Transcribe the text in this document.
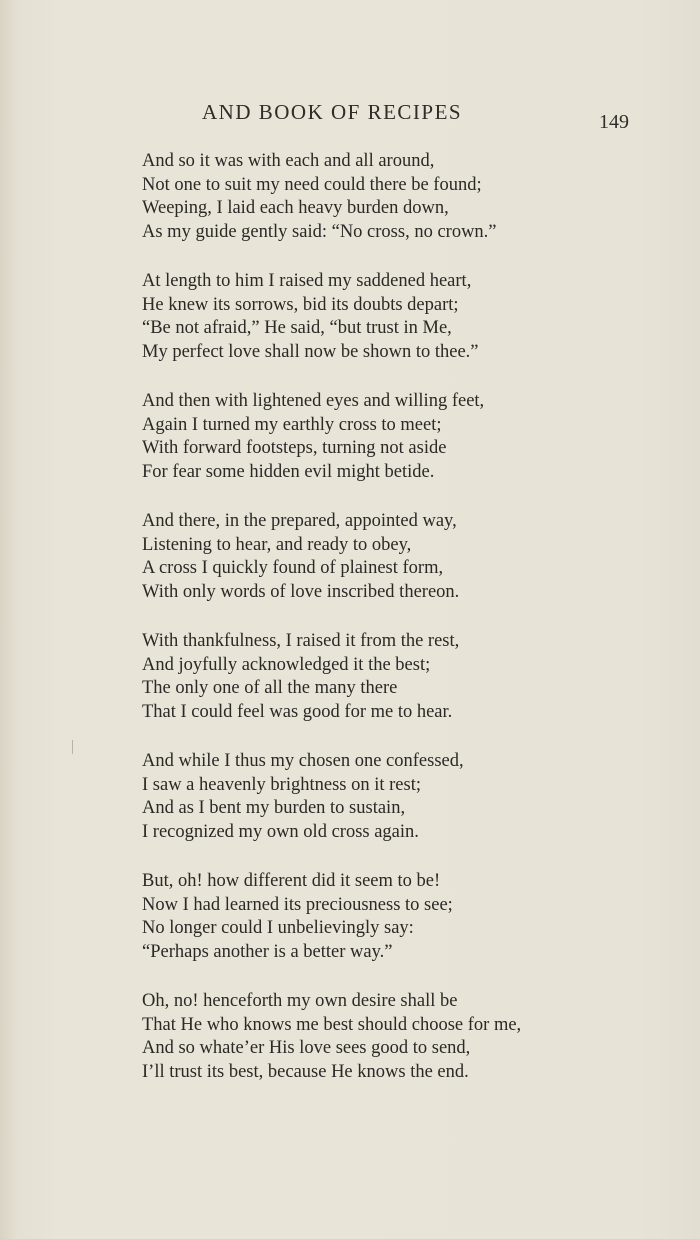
AND BOOK OF RECIPES	149
And so it was with each and all around,
Not one to suit my need could there be found;
Weeping, I laid each heavy burden down,
As my guide gently said: “No cross, no crown.”
At length to him I raised my saddened heart,
He knew its sorrows, bid its doubts depart;
“Be not afraid,” He said, “but trust in Me,
My perfect love shall now be shown to thee.”
And then with lightened eyes and willing feet,
Again I turned my earthly cross to meet;
With forward footsteps, turning not aside
For fear some hidden evil might betide.
And there, in the prepared, appointed way,
Listening to hear, and ready to obey,
A cross I quickly found of plainest form,
With only words of love inscribed thereon.
With thankfulness, I raised it from the rest,
And joyfully acknowledged it the best;
The only one of all the many there
That I could feel was good for me to hear.
And while I thus my chosen one confessed,
I saw a heavenly brightness on it rest;
And as I bent my burden to sustain,
I recognized my own old cross again.
But, oh! how different did it seem to be!
Now I had learned its preciousness to see;
No longer could I unbelievingly say:
“Perhaps another is a better way.”
Oh, no! henceforth my own desire shall be
That He who knows me best should choose for me,
And so whate’er His love sees good to send,
I’ll trust its best, because He knows the end.
